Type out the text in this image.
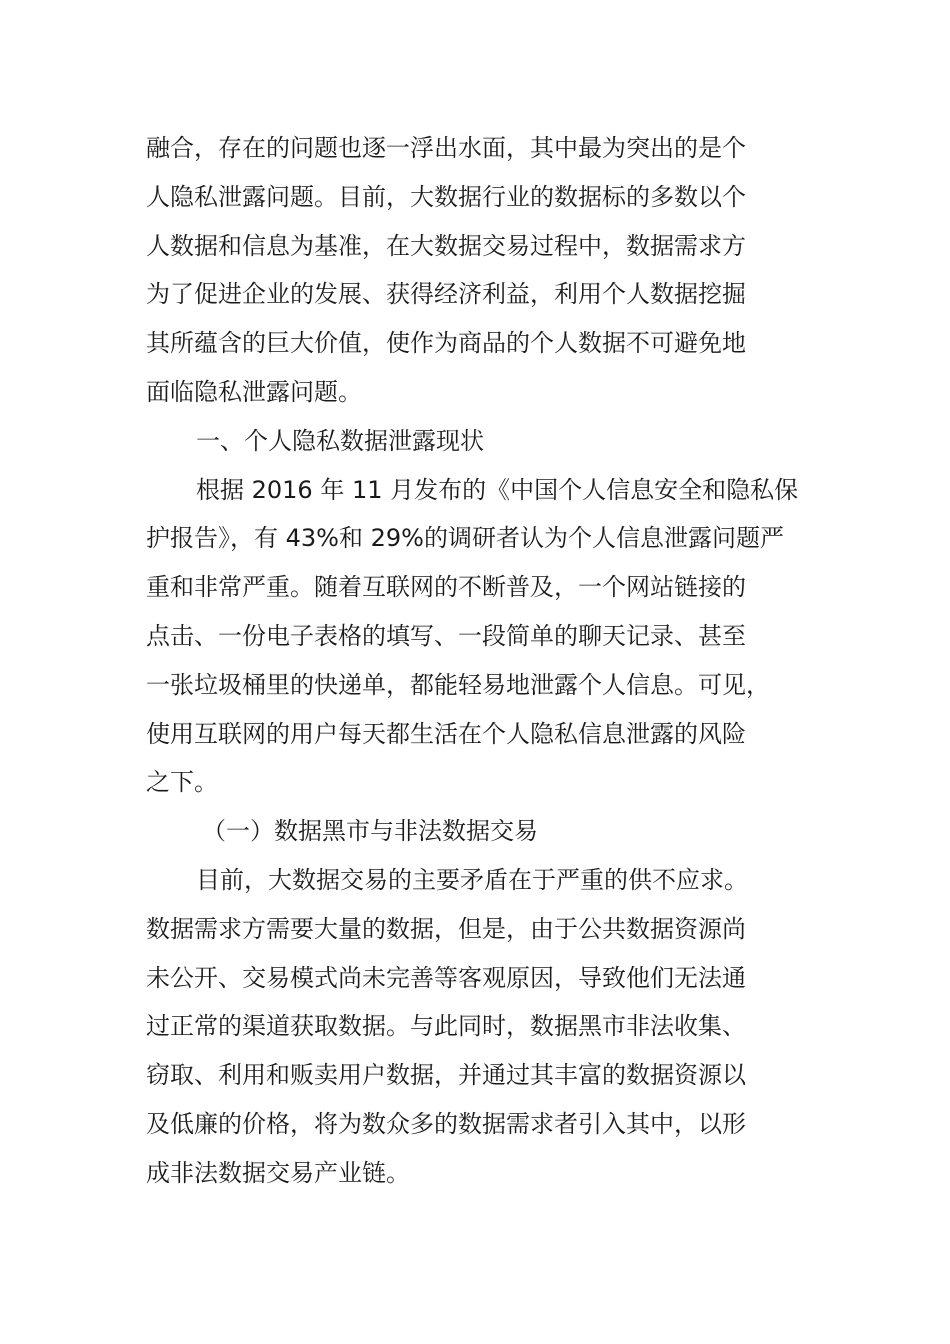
融合，存在的问题也逐一浮出水面，其中最为突出的是个
人隐私泄露问题。目前，大数据行业的数据标的多数以个
人数据和信息为基准，在大数据交易过程中，数据需求方
为了促进企业的发展、获得经济利益，利用个人数据挖掘
其所蕴含的巨大价值，使作为商品的个人数据不可避免地
面临隐私泄露问题。
一、个人隐私数据泄露现状
根据 2016 年 11 月发布的《中国个人信息安全和隐私保
护报告》，有 43%和 29%的调研者认为个人信息泄露问题严
重和非常严重。随着互联网的不断普及，一个网站链接的
点击、一份电子表格的填写、一段简单的聊天记录、甚至
一张垃圾桶里的快递单，都能轻易地泄露个人信息。可见，
使用互联网的用户每天都生活在个人隐私信息泄露的风险
之下。
（一）数据黑市与非法数据交易
目前，大数据交易的主要矛盾在于严重的供不应求。
数据需求方需要大量的数据，但是，由于公共数据资源尚
未公开、交易模式尚未完善等客观原因，导致他们无法通
过正常的渠道获取数据。与此同时，数据黑市非法收集、
窃取、利用和贩卖用户数据，并通过其丰富的数据资源以
及低廉的价格，将为数众多的数据需求者引入其中，以形
成非法数据交易产业链。
